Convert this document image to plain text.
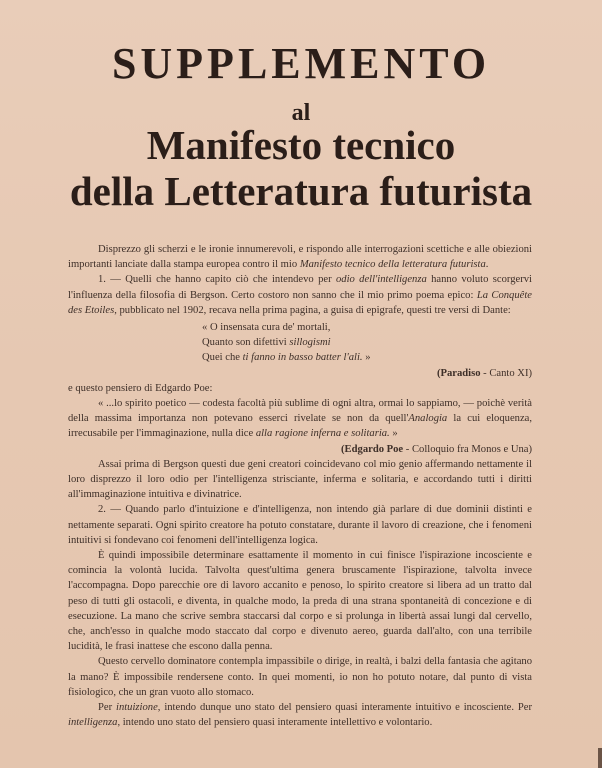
SUPPLEMENTO
al
Manifesto tecnico
della Letteratura futurista

Disprezzo gli scherzi e le ironie innumerevoli, e rispondo alle interrogazioni scettiche e alle obiezioni importanti lanciate dalla stampa europea contro il mio Manifesto tecnico della letteratura futurista.

1. — Quelli che hanno capito ciò che intendevo per odio dell'intelligenza hanno voluto scorgervi l'influenza della filosofia di Bergson. Certo costoro non sanno che il mio primo poema epico: La Conquête des Etoiles, pubblicato nel 1902, recava nella prima pagina, a guisa di epigrafe, questi tre versi di Dante:

« O insensata cura de' mortali,
Quanto son difettivi sillogismi
Quei che ti fanno in basso batter l'ali. »

(Paradiso - Canto XI)

e questo pensiero di Edgardo Poe:

« ...lo spirito poetico — codesta facoltà più sublime di ogni altra, ormai lo sappiamo, — poichè verità della massima importanza non potevano esserci rivelate se non da quell'Analogia la cui eloquenza, irrecusabile per l'immaginazione, nulla dice alla ragione inferna e solitaria. »

(Edgardo Poe - Colloquio fra Monos e Una)

Assai prima di Bergson questi due geni creatori coincidevano col mio genio affermando nettamente il loro disprezzo il loro odio per l'intelligenza strisciante, inferma e solitaria, e accordando tutti i diritti all'immaginazione intuitiva e divinatrice.

2. — Quando parlo d'intuizione e d'intelligenza, non intendo già parlare di due dominii distinti e nettamente separati. Ogni spirito creatore ha potuto constatare, durante il lavoro di creazione, che i fenomeni intuitivi si fondevano coi fenomeni dell'intelligenza logica.

È quindi impossibile determinare esattamente il momento in cui finisce l'ispirazione incosciente e comincia la volontà lucida. Talvolta quest'ultima genera bruscamente l'ispirazione, talvolta invece l'accompagna. Dopo parecchie ore di lavoro accanito e penoso, lo spirito creatore si libera ad un tratto dal peso di tutti gli ostacoli, e diventa, in qualche modo, la preda di una strana spontaneità di concezione e di esecuzione. La mano che scrive sembra staccarsi dal corpo e si prolunga in libertà assai lungi dal cervello, che, anch'esso in qualche modo staccato dal corpo e divenuto aereo, guarda dall'alto, con una terribile lucidità, le frasi inattese che escono dalla penna.

Questo cervello dominatore contempla impassibile o dirige, in realtà, i balzi della fantasia che agitano la mano? È impossibile rendersene conto. In quei momenti, io non ho potuto notare, dal punto di vista fisiologico, che un gran vuoto allo stomaco.

Per intuizione, intendo dunque uno stato del pensiero quasi interamente intuitivo e incosciente. Per intelligenza, intendo uno stato del pensiero quasi interamente intellettivo e volontario.
